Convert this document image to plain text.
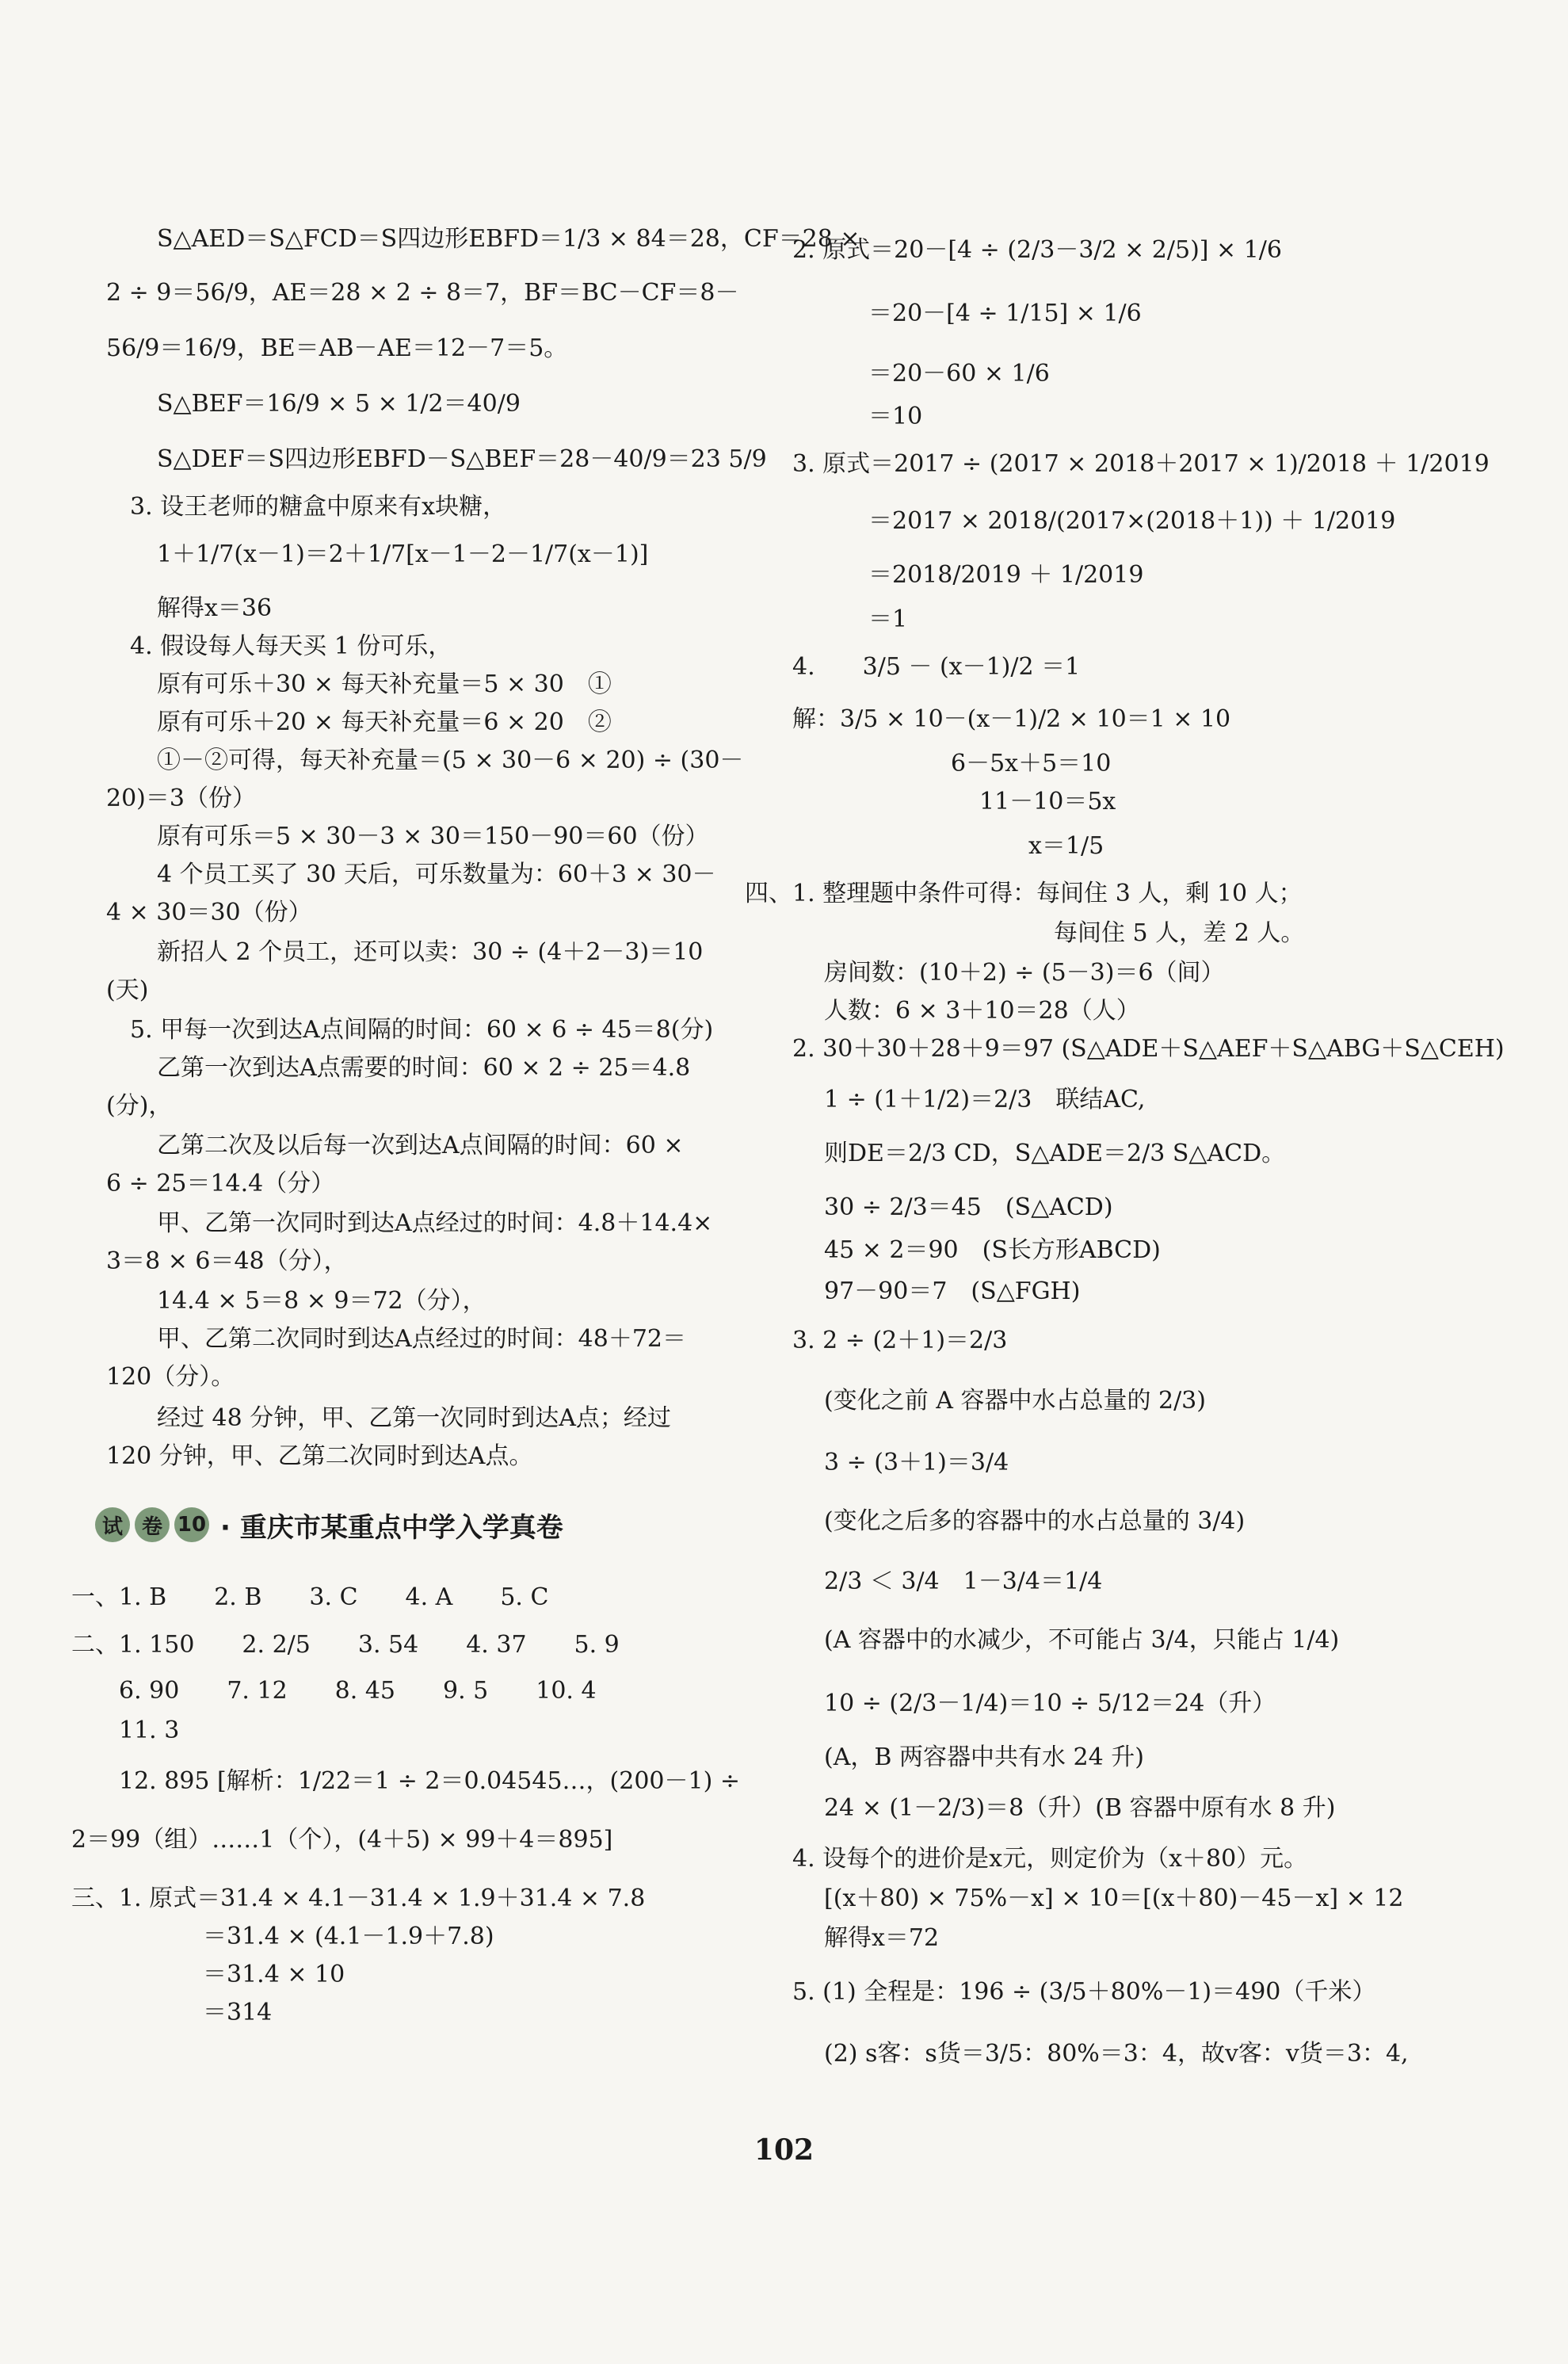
S△AED＝S△FCD＝S四边形EBFD＝1/3 × 84＝28，CF＝28 ×
2 ÷ 9＝56/9，AE＝28 × 2 ÷ 8＝7，BF＝BC－CF＝8－
56/9＝16/9，BE＝AB－AE＝12－7＝5。
S△BEF＝16/9 × 5 × 1/2＝40/9
S△DEF＝S四边形EBFD－S△BEF＝28－40/9＝23 5/9
3. 设王老师的糖盒中原来有x块糖，
1＋1/7(x－1)＝2＋1/7[x－1－2－1/7(x－1)]
解得x＝36
4. 假设每人每天买 1 份可乐，
原有可乐＋30 × 每天补充量＝5 × 30　①
原有可乐＋20 × 每天补充量＝6 × 20　②
①－②可得，每天补充量＝(5 × 30－6 × 20) ÷ (30－
20)＝3（份）
原有可乐＝5 × 30－3 × 30＝150－90＝60（份）
4 个员工买了 30 天后，可乐数量为：60＋3 × 30－
4 × 30＝30（份）
新招人 2 个员工，还可以卖：30 ÷ (4＋2－3)＝10
(天)
5. 甲每一次到达A点间隔的时间：60 × 6 ÷ 45＝8(分)
乙第一次到达A点需要的时间：60 × 2 ÷ 25＝4.8
(分)，
乙第二次及以后每一次到达A点间隔的时间：60 ×
6 ÷ 25＝14.4（分）
甲、乙第一次同时到达A点经过的时间：4.8＋14.4×
3＝8 × 6＝48（分），
14.4 × 5＝8 × 9＝72（分），
甲、乙第二次同时到达A点经过的时间：48＋72＝
120（分）。
经过 48 分钟，甲、乙第一次同时到达A点；经过
120 分钟，甲、乙第二次同时到达A点。
试 卷 10 · 重庆市某重点中学入学真卷
一、1. B　　2. B　　3. C　　4. A　　5. C
二、1. 150　　2. 2/5　　3. 54　　4. 37　　5. 9
6. 90　　7. 12　　8. 45　　9. 5　　10. 4
11. 3
12. 895 [解析：1/22＝1 ÷ 2＝0.04545…，(200－1) ÷
2＝99（组）……1（个），(4＋5) × 99＋4＝895]
三、1. 原式＝31.4 × 4.1－31.4 × 1.9＋31.4 × 7.8
＝31.4 × (4.1－1.9＋7.8)
＝31.4 × 10
＝314
2. 原式＝20－[4 ÷ (2/3－3/2 × 2/5)] × 1/6
＝20－[4 ÷ 1/15] × 1/6
＝20－60 × 1/6
＝10
3. 原式＝2017 ÷ (2017 × 2018＋2017 × 1)/2018 ＋ 1/2019
＝2017 × 2018/(2017×(2018＋1)) ＋ 1/2019
＝2018/2019 ＋ 1/2019
＝1
4.　　3/5 － (x－1)/2 ＝1
解：3/5 × 10－(x－1)/2 × 10＝1 × 10
6－5x＋5＝10
11－10＝5x
x＝1/5
四、1. 整理题中条件可得：每间住 3 人，剩 10 人；
每间住 5 人，差 2 人。
房间数：(10＋2) ÷ (5－3)＝6（间）
人数：6 × 3＋10＝28（人）
2. 30＋30＋28＋9＝97 (S△ADE＋S△AEF＋S△ABG＋S△CEH)
1 ÷ (1＋1/2)＝2/3　联结AC,
则DE＝2/3 CD，S△ADE＝2/3 S△ACD。
30 ÷ 2/3＝45　(S△ACD)
45 × 2＝90　(S长方形ABCD)
97－90＝7　(S△FGH)
3. 2 ÷ (2＋1)＝2/3
(变化之前 A 容器中水占总量的 2/3)
3 ÷ (3＋1)＝3/4
(变化之后多的容器中的水占总量的 3/4)
2/3 ＜ 3/4　1－3/4＝1/4
(A 容器中的水减少，不可能占 3/4，只能占 1/4)
10 ÷ (2/3－1/4)＝10 ÷ 5/12＝24（升）
(A，B 两容器中共有水 24 升)
24 × (1－2/3)＝8（升）(B 容器中原有水 8 升)
4. 设每个的进价是x元，则定价为（x＋80）元。
[(x＋80) × 75%－x] × 10＝[(x＋80)－45－x] × 12
解得x＝72
5. (1) 全程是：196 ÷ (3/5＋80%－1)＝490（千米）
(2) s客：s货＝3/5：80%＝3：4，故v客：v货＝3：4,
102
